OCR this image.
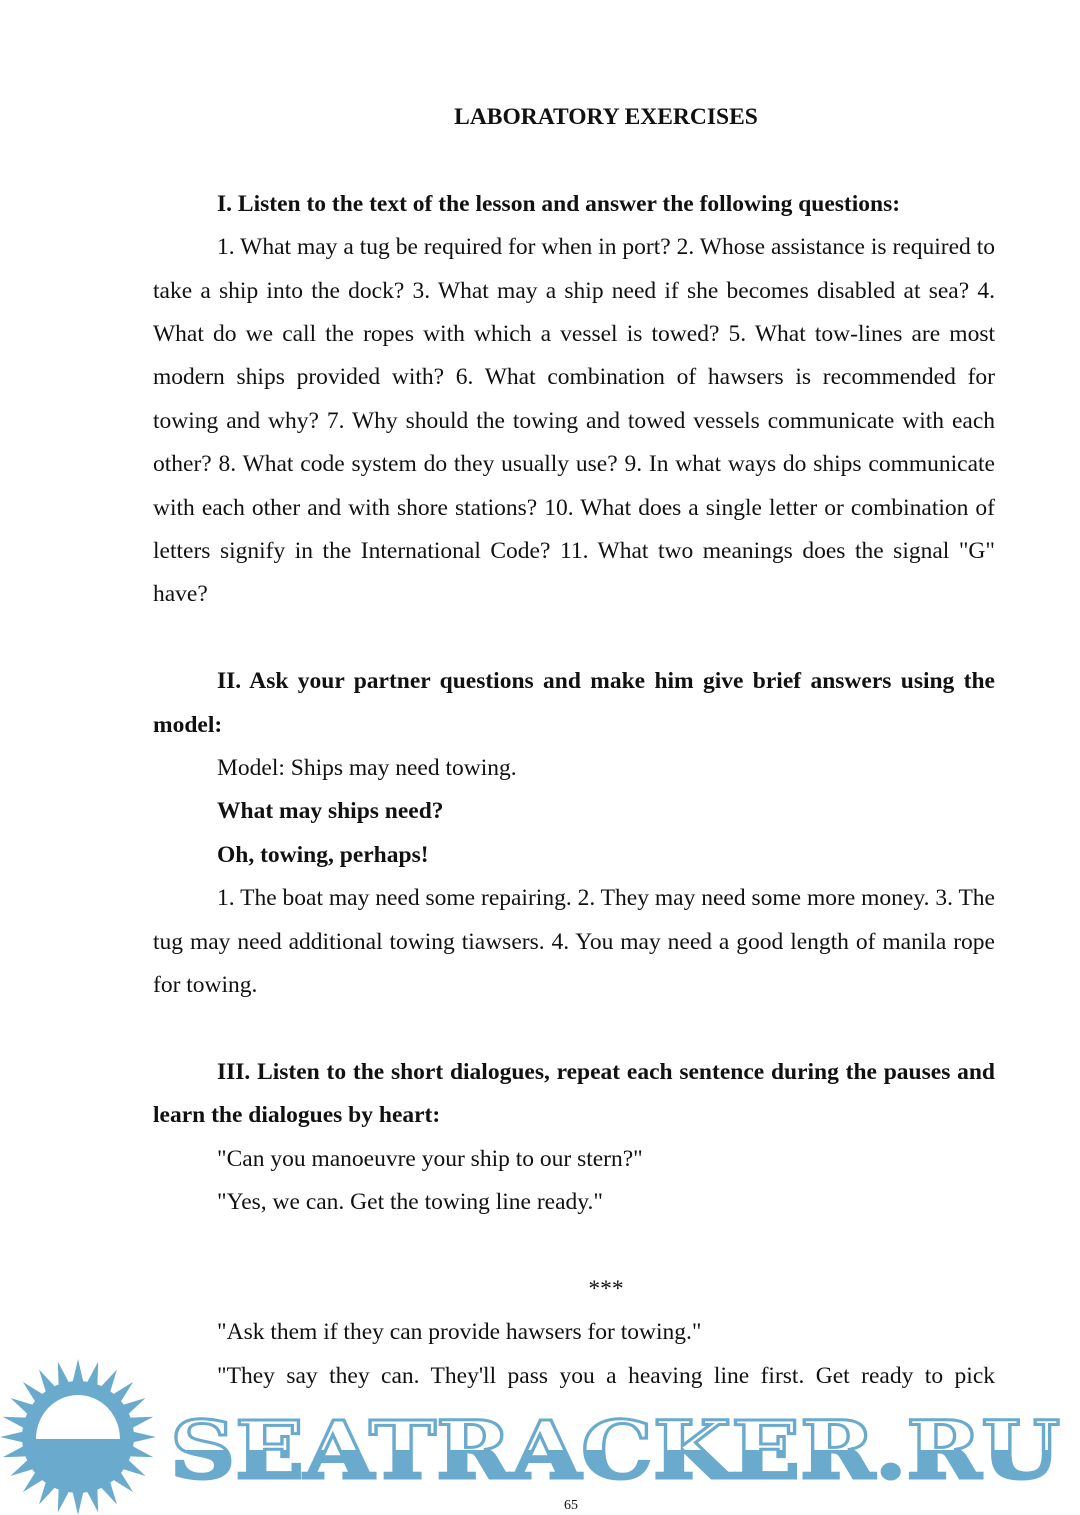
LABORATORY EXERCISES

I. Listen to the text of the lesson and answer the following questions:

1. What may a tug be required for when in port? 2. Whose assistance is required to take a ship into the dock? 3. What may a ship need if she becomes disabled at sea? 4. What do we call the ropes with which a vessel is towed? 5. What tow-lines are most modern ships provided with? 6. What combination of hawsers is recommended for towing and why? 7. Why should the towing and towed vessels communicate with each other? 8. What code system do they usually use? 9. In what ways do ships communicate with each other and with shore stations? 10. What does a single letter or combination of letters signify in the International Code? 11. What two meanings does the signal "G" have?

II. Ask your partner questions and make him give brief answers using the model:

Model: Ships may need towing.

What may ships need?

Oh, towing, perhaps!

1. The boat may need some repairing. 2. They may need some more money. 3. The tug may need additional towing tiawsers. 4. You may need a good length of manila rope for towing.

III. Listen to the short dialogues, repeat each sentence during the pauses and learn the dialogues by heart:

"Can you manoeuvre your ship to our stern?"

"Yes, we can. Get the towing line ready."

***

"Ask them if they can provide hawsers for towing."

"They say they can. They'll pass you a heaving line first. Get ready to pick

SEATRACKER.RU
65
